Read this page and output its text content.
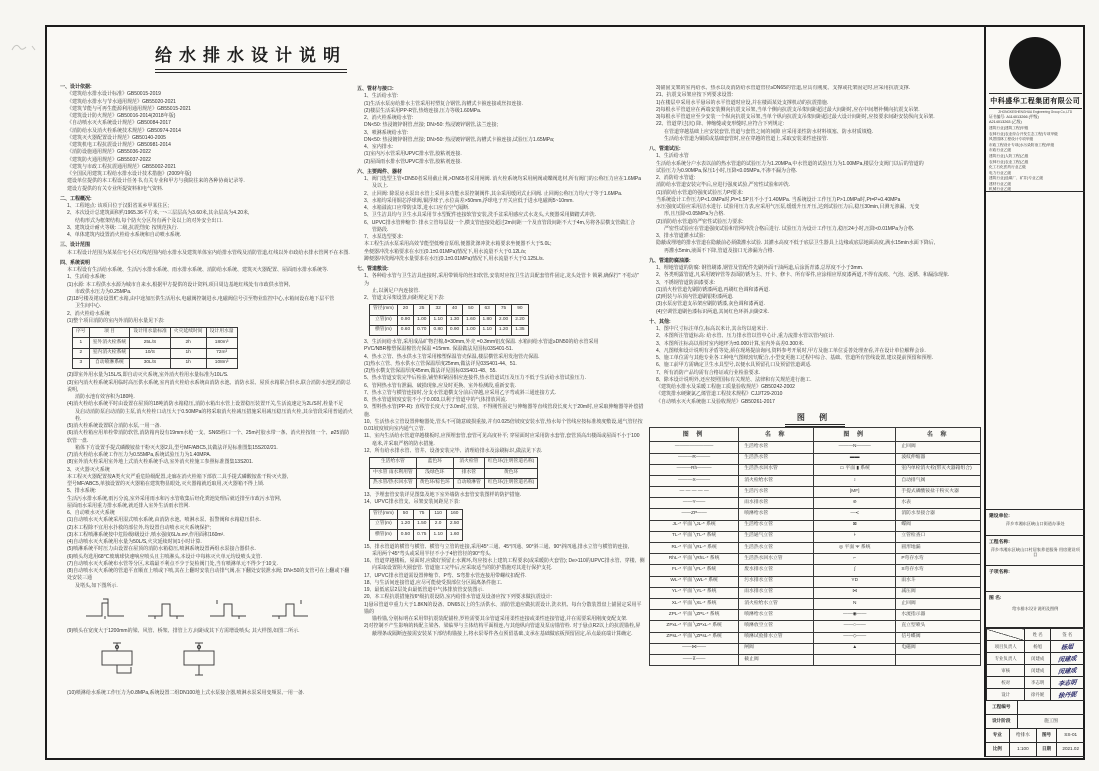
给水排水设计说明
一、设计依据:
《建筑给水排水设计标准》GB50015-2019
《建筑给水排水与节水通用规范》GB55020-2021
《建筑节能与可再生能源利用通用规范》GB55015-2021
《建筑设计防火规范》GB50016-2014(2018年版)
《自动喷水灭火系统设计规范》GB50084-2017
《消防给水及消火栓系统技术规范》GB50974-2014
《建筑灭火器配置设计规范》GB50140-2005
《建筑机电工程抗震设计规范》GB50981-2014
《消防设施通用规范》GB55036-2022
《建筑防火通用规范》GB55037-2022
《建筑与市政工程抗震通用规范》GB55002-2021
《全国民用建筑工程给水排水设计技术措施》(2009年版)
建设单位提供的本工程设计任务书,有关专业和甲方与我院往来的各种协商记录等.
建设方提供的有关专业所提资料和电气资料.
二、工程概况:
1、工程地点: 该项目位于汉阳省某乡甲某住区;
2、本次设计总建筑面积约1965.36平方米,一~三层层高为3.60米,其余层高为4.20米,
结构形式为框架结构,每个防火分区均有两个及以上的对外安全出口.
3、建筑设计耐火等级: 二级,抗震烈度: 按规范执行.
4、单体建筑内设置消火栓给水系统和自动喷水系统.
三、设计范围
本工程设计范围为某某住宅小区红线范围内给水排水及建筑单体室内给排水管线及消防管道,红线以外市政给水排水管网不在本图.
四、系统说明
本工程设有生活给水系统、生活污水排水系统、雨水排水系统、消防给水系统、建筑灭火器配置、屋面雨水排水系统等.
1、生活给水系统:
(1)水源: 本工程供水水源为城市自来水,根据甲方提供的设计资料,项目周边基地红线处有市政供水管网,
市政供水压力为0.25MPa.
(2)18号楼及裙房设置贮水箱,由中途加压供生活用水,电磁阀控制进水,电磁阀信号引至物业监控中心,水箱间设在地下层平管
卫生间中心.
2、消火栓给水系统
(1)整个项目消防的室内外消防用水量见下表:
序号	项 目	设计用水量标准	火灾延续时间	设计用水量
1	室外消火栓系统	25L/S	2h	180m³
2	室内消火栓系统	10/S	1h	72m³
3	自动喷淋系统	30L/S	1h	108m³
(2)即室外用水量为15L/S,即自动灭火系统,室外消火栓用水量标准为10L/S.
(3)室内消火栓系统采用临时高压供水系统,室内消火栓给水系统由消防水池、消防水泵、屋顶水箱联合供水,联合消防水池见消防总说明,
消防水池有效容积为180吨.
(4)消火栓给水系统平时由设置在屋顶的18吨消防水箱稳压,消防水箱出水管上设置稳压装置开关,生活流速定为2L/S时,栓量不足
及启动消防泵启动消防主泵,消火栓栓口动压大于0.50MPa的将采取消火栓减压措施采用减压稳压消火栓,其余管段采用普通消火栓.
(5)消火栓系统设置联合消防水泵,一用一备.
(6)消火栓箱应用单栓带消防软管,消防箱内设有19mm水枪一支、SN65栓口一个、25m衬胶水带一条、消火栓按钮一个、ø25消防软管一盘.
箱体下方设置手提式磷酸铵盐干粉灭火器2具,型号MF/ABC5,其做法详见标准图集15S202/21.
(7)消火栓给水系统工作压力为0.55MPa,系统试验压力为1.40MPA.
(8)室外消火栓采用室外地上式消火栓系统手动,室外消火栓施工参照标准图集13S201.
3、灭火器灭火系统
本工程灭火器配置按A类火灾严重危险级配置,走廊在消火栓箱下部放二具手提式磷酸铵盐干粉灭火器,
型号MF/ABC5,单独设置的灭火器箱在建筑物显眼处,灭火器箱就近取用,灭火器箱不得上锁.
5、排水系统:
生活污水排水系统,雨污分流,室外采用雨水和污水管收集后经化粪池处理后就近排至市政污水管网,
屋面雨水采用重力排水系统,就近排入室外生活雨水管网.
6、自动喷水灭火系统
(1)自动喷水灭火系统采用湿式喷水系统,由消防水池、喷淋水泵、报警阀和水箱稳压供水.
(2)本工程除不宜用水扑救的部位外,均设置自动喷水灭火系统保护;
(3)本工程喷淋系统按中危险级Ⅰ级设计,喷水强度6L/s.m²,作用面积160m².
(4)自动喷水灭火系统用水量为50L/S,火灾延续时间1小时计算.
(5)喷淋系统平时压力由设置在屋顶的消防水箱稳压,喷淋系统设置两组水泵接合器供水.
(6)喷头均选用68℃玻璃球快速响应喷头且主喷淋头,本设计中每栋灭火单元均设喷头支管.
(7)自动喷水灭火系统布水管等分区,末端最不利点不少于复检阀门处,当有喷淋单元不得少于10支.
(8)自动喷水灭火系统的管道平直顺直上喷或下喷,其在上翻时安装自动排气阀,在下翻处安装泄水阀; DN<50的支管可在上翻或下翻处安装三通
及堵头,如下图所示.
(9)喷头在宽度大于1200mm的梁、风管、桥架、排管上方,间距或其下方需增设喷头; 其大样图,如图二所示.
(10)喷淋给水系统工作压力为0.8MPa,系统设置二组DN100地上式水泵接合器,喷淋水泵采用变频泵,一用一备.
五、管材与接口:
1、生活给水管:
(1)生活水泵房给排水主管采用衬塑复合钢管,沟槽式卡箍连接或丝扣连接.
(2)楼层生活采用PP-R管,热熔连接,压力等级1.60MPa.
2、消火栓系统给水管:
DN<50: 热浸镀锌钢管,丝接; DN>50: 热浸镀锌钢管,法兰连接;
3、喷淋系统给水管:
DN<50: 热浸镀锌钢管,丝接; DN>50: 热浸镀锌钢管,沟槽式卡箍连接,试验压力1.65MPa;
4、室内排水:
(1)室内污水管采用UPVC排水管,胶粘剂连接.
(2)屋面雨水排水管UPVC排水管,胶粘剂连接.
六、主要阀件、器材
1、阀门选型主管<DN50者采用截止阀,>DN65者采用闸阀. 消火栓系统均采用闸阀或蝶阀选材,所有阀门的公称压力应在1.6MPa
及以上.
2、止回阀: 除泵房水泵出水管上采用多功能水泵控制阀件,其余采用缓闭式止回阀. 止回阀公称压力均大于等于1.6MPa.
3、水箱均采用铜芯浮球阀,铜浮球子,水位高差>50mm,浮球电子开关应低于进水电磁阀5~10mm.
4、水箱溢流口应带防虫罩,进水口应有空气隔断.
5、卫生洁具均与卫生水具采用节水型配件连接软管安装,洗手盆采用感应式水龙头,大便器采用脚踏式冲洗.
6、UPVC排水管伸缩节: 排水立管每层设一个,横支管连接处超过2m间距一个及直管段间距不大于4m,另将各层横支管做汇合
管路段.
7、水泵选型要求:
本工程生活水泵采用高效节能型低噪音泵组,便器洗涤冲洗水箱要求坐便器不大于5.0L;
坐便器冲洗水箱要求在水压(0.1±0.01MPa)情况下,用水流量不大于0.12L/s;
蹲便器冲洗阀冲洗水量要求在水压(0.1±0.01MPa)情况下,用水流量不大于0.125L/s.
七、管道敷设:
1、各种给水管与卫生洁具连接时,采用带锁母的丝扣软管,安装时应按卫生洁具配套管件固定,龙头处管卡 锁紧,确保拧" 不松动" 为
止,以满足户内连接管.
2、管道支吊架设置,间距规定见下表:
管径(mm)	20	25	32	40	50	63	75	90
立管(m)	0.90	1.00	1.10	1.30	1.60	1.80	2.00	2.20
横管(m)	0.60	0.70	0.80	0.90	1.00	1.10	1.20	1.35
3、生活间给水管,采用成品矿物岩棉,δ=30mm,外壳 =0.3mm铝皮保温. 水箱间给水管道≥DN50的给水管采用
PVC/NBR橡塑保温棉管壳保温 =15mm. 保温做法见国标03S401-51.
4、热水立管、热水供水主管采用橡塑保温管壳保温,楼层横管采用发泡管壳保温.
(1)热水立管、热水供水立管保温厚度25mm,做法详见03S401-44、51.
(2)热水横支管保温厚度45mm,做法详见国标03S401-48、55.
5、热水管道安装完毕后检验,铺垫和紧固相应连接件,热水管道试压及压力不低于生活给水管试验压力.
6、管网热水管有泄漏、破损现象,应及时更换、室外检测段,重新安装.
7、热水立管与横管连接时,分支水管道横支分前后穿越,应采用乙字弯或斜三通连接方式.
8、热水管道坡度安装不小于0.003,以利于管道中的气体排放回流.
9、塑料热水管(PP-R): 直线管长度大于3.0m时,宜装、不得刚性固定与伸缩器等直线管段长度大于20m时,应采取伸缩器等补偿措施.
10、生活热水立管设置伸缩器处,管头不可随意破损重接,并有0.025倍坡度安装水管,热水每个管线应按标准坡度敷设,通气管径按
0.01坡度坡向室内通气立管.
11、室内生活给水管道穿越楼板时,应预埋套管,套管可见高度补平; 穿屋面时应采用防水套管,套管顶高出楼面或屋面不小于100
毫米,并采取严格的防水措施.
12、所有给水排水管、管井、设备安装完毕、清理给排水及涂刷标识,做法见下表.
生活给水管	蓝色环	消火栓管	红色环(注明管道名称)
中水管 雨水利用管	浅绿色环	排水管	黄色环
热水管/热水回水管	黄色环/棕色环	自动喷淋管	红色环(注明管道名称)
13、予埋套管安装详见图集及地下室外墙防水套管安装图样的防护措施.
14、UPVC排水管支、吊架安装间距见下表:
管径(mm)	50	75	110	160
立管(m)	1.20	1.50	2.0	2.50
横管(m)	0.50	0.75	1.10	1.60
15、排水管道的横管与横管、横管与立管的连接,采用45°三通、45°四通、90°斜三通、90°斜四通,排水立管与横管的连接,
采用两个45°弯头或采用半径不小于4倍管径的90°弯头.
16、管道穿越楼板、屋面时,应做好预留止水翼环,均应按水上建筑工程要求(或采暖防火套管); De>110的UPVC排水管、穿楼、侧
向采取设置阻火圈套管. 管道施工完毕后,应采取适当的防护措施对其进行保护支托.
17、UPVC排水管道需设置伸缩节、P弯、S弯排水管连接用带螺纹扣配件.
18、与生活间连接管道,应尽可能使受损部位分区隔离条件施工.
19、最低底层2层处由最低管道中气体排放管安装图示.
20、本工程抗震措施按6°级抗震设防,室内给排水管道及设备应按下列要求做抗震设计:
1)悬吊管道中重力大于1.8KN的设备、DN65以上的生活供水、消防管道应做抗震设计,洗衣机、每台分散装置盘上锚固定采用平锚的
锚栓锚,分别标明在采用带抗震装配锚栓,罗栓需要其余管道采用柔性连接或柔性连接管道,并在需要采用刚度变配支架.
2)对控制不产生影响的转配主梁各、梁临界与主体结构平面相连,与其他纵向管道及泵房锚管栓. 对于悬点R2以上的抗震锚栓,屏
蔽埋条或隔断连接需安装某下部结构锚接上,将水泵零件各点预留基础,支承在基础做底板预留固定,吊点最底端计算确定.
3)锚固支架的室内给水、热水以及消防给水管道管径≥DN65的管道,应具有刚度、支撑或托架固定时,应采用抗震支撑.
21、抗震支吊架应按下列要求设置:
1)在楼层中采用水平悬吊的水平管道时应设,并在楼面某处支撑机动的抗震措施.
2)每根水平管道应在两端安装侧向抗震支吊架,当单个侧向抗震支吊架间距超过最大间距时,应在中间增补侧向抗震支吊架.
3)每根水平管道应至少安装一个纵向抗震支吊架,当单个纵向抗震支吊架间距超过最大设计间距时,应按要求间距安装纵向支吊架.
22、管道穿过(沉) 降、伸缩缝或变形缝时,应符合下列规定:
在管道穿越基础上应安装套管,管道与套管之间的间隙 应采用柔性防水材料填塞、防水材质填缝.
生活给水管道为铜质或基础套管时,应在穿越的管道上,采取安装柔性连接管.
八、管道试压:
1、生活给水管
生活给水系统分户水表以前的热水管道的试验压力为1.20MPa,中水管道的试验压力为1.00MPa,楼层分支阀门以后的管道的
试验压力为0.90MPa,保压1小时,压降<0.05MPa,不渗不漏为合格.
2、消防给水管道:
消防给水管道安装完毕后,应进行强度试验,严密性试验和冲洗.
(1)消防给水管道的强度试验压力Pt要求:
当系统设计工作压力P<1.0MPa时,Pt=1.5P且不小于1.40MPa. 当系统设计工作压力P>1.0MPa时,Pt=P+0.40MPa
水压强度试验应采用洁水进行. 试验用压力表,应采用气压泵,缓缓升压开压,达到试验压力后,稳压30min,目测无渗漏、无变
形,且压降<0.05MPa为合格.
(2)消防给水管道的严密性试验压力要求:
严密性试验应在管道强度试验和管网冲洗合格后进行. 试验压力为设计工作压力,稳压24小时,压降<0.01MPa为合格.
3、排水管道灌水试验:
隐蔽或埋地的排水管道在隐蔽前必须做灌水试验. 其灌水高度不低于底层卫生器具上边缘或底层地面高度,满水15min水面下降后,
再灌水5min,液面不下降,管道及接口无渗漏为合格.
九、管道防腐油漆:
1、埋地管道的防腐: 钢管刷漆,钢管及管配件先刷外面干油两道,后涂沥青漆,总厚度不小于3mm.
2、各类明露管道,凡采用镀锌管等表面防锈为主、开卡、修卡、所有零件,应涂相应厚度漆两道,不得有流痕、气泡、返锈、和漏涂现象.
3、不锈钢管道防油漆要求:
(1)消火栓管道先刷防锈漆两道,再刷红色调和漆两道.
(2)明装与吊顶内管道刷银粉漆两道.
(3)水泵房管道支吊架应刷防锈漆,灰色调和漆两道.
(4)空调管道刷色漆标识两道,其间红色环斜,间距2米.
十、其他:
1、图中尺寸标注单位,标高以米计,其余均以毫米计.
2、本图所注管道标高: 给水管、压力排水管以管中心计,重力流排水管以管内底计.
3、本图所注标高以相对室内地坪为±0.000计算,室内外高差0.300米.
4、凡图纸和设计说明有矛盾等处,须在现场提前询问,资料参考开展时,甲方及施工单位妥善处理查看,并在设计单位解释会诊.
5、施工单位需与其他专业各工种电气图纸密切配合,小型变更施工过程中综合、基础、管道所有管线设置,建议提前预留和预埋.
6、施工前甲方需确定卫生水具型号,以便水具预留孔口及预留管道调适.
7、所有消防产品均需有合格证或行业检验要求.
8、除本设计说明外,还应按照国标有关规范、法律和有关规范进行施工.
《建筑给水排水及采暖工程施工质量验收规范》GB50242-2002
《建筑排水硬聚氯乙烯管道工程技术规程》CJJ/T29-2010
《自动喷水灭火系统施工及验收规范》GB50261-2017
图 例
图 例	名 称	图 例	名 称
————————	生活给水管	———N———	止回阀
———R———	生活热水管	▬▬	波纹伸缩器
———Rh———	生活热水回水管	▭ 平面 ▮ 系统	室内单栓消火栓(带灭火器箱组合)
———X———	消火栓给水管	♀	自动排气阀
— — — — —	生活污水管	[MF]	手提式磷酸铵盐干粉灭火器
——Y——	雨水排水管	⊘	水表
——ZP——	喷淋给水管	—≺	消防水泵接合器
JL-* 平面 ╲JL-* 系统	生活给水立管	⊠	蝶阀
TL-* 平面 ╲TL-* 系统	生活通气立管	⊦	立管检查口
RL-* 平面 ╲RL-* 系统	生活热水立管	◎ 平面 Ψ 系统	圆形地漏
RhL-* 平面 ╲RhL-* 系统	生活热水回水立管	⌐	P弯存水弯
FL-* 平面 ╲FL-* 系统	废水排水立管	∫	S弯存水弯
WL-* 平面 ╲WL-* 系统	污水排水立管	YD	雨水斗
YL-* 平面 ╲YL-* 系统	雨水排水立管	⋈	减压阀
XL-* 平面 ╲XL-* 系统	消火栓给水立管	N	止回阀
ZPL-* 平面 ╲ZPL-* 系统	喷淋给水立管	——◉——	水流指示器
ZPxL-* 平面 ╲ZPxL-* 系统	喷淋放空立管	——○——	直立型喷头
ZPsL-* 平面 ╲ZPsL-* 系统	喷淋试验排水立管	——◇——	信号蝶阀
——⋈——	闸阀	▲	电磁阀
——⊼——	截止阀		
中科盛华工程集团有限公司
ZHONGKESHENGHUA Engineering Group Co.,LTD
证书编号: A114013266 (甲级)
A214013263 (乙级)
建筑行业(建筑工程)甲级
农林行业(农业综合开发生态工程)专项甲级
风景园林工程设计专项甲级
市政工程设计专项(水污染防治工程)甲级
市政行业乙级
建筑行业(人防工程)乙级
农林行业(农业工程)乙级
化工石化医药行业乙级
电力行业乙级
建筑行业(选煤厂、矿井)专业乙级
建材行业乙级
机械行业乙级
建设单位:
萍乡市湘东区峡山口街道办事处
工程名称:
萍乡市湘东区峡山口村居家养老服务 用房建设项目
子项名称:
图 名:
给水排水设计说明及图例
	姓 名	签 名
项目负责人	杨旭	杨旭
专业负责人	闵建成	闵建成
审核	闵建成	闵建成
校对	李志明	李志明
设计	徐丹妮	徐丹妮
工程编号
设计阶段	施工图
专业	给排水	图号	SS-01
比例	1:100	日期	2021.02
